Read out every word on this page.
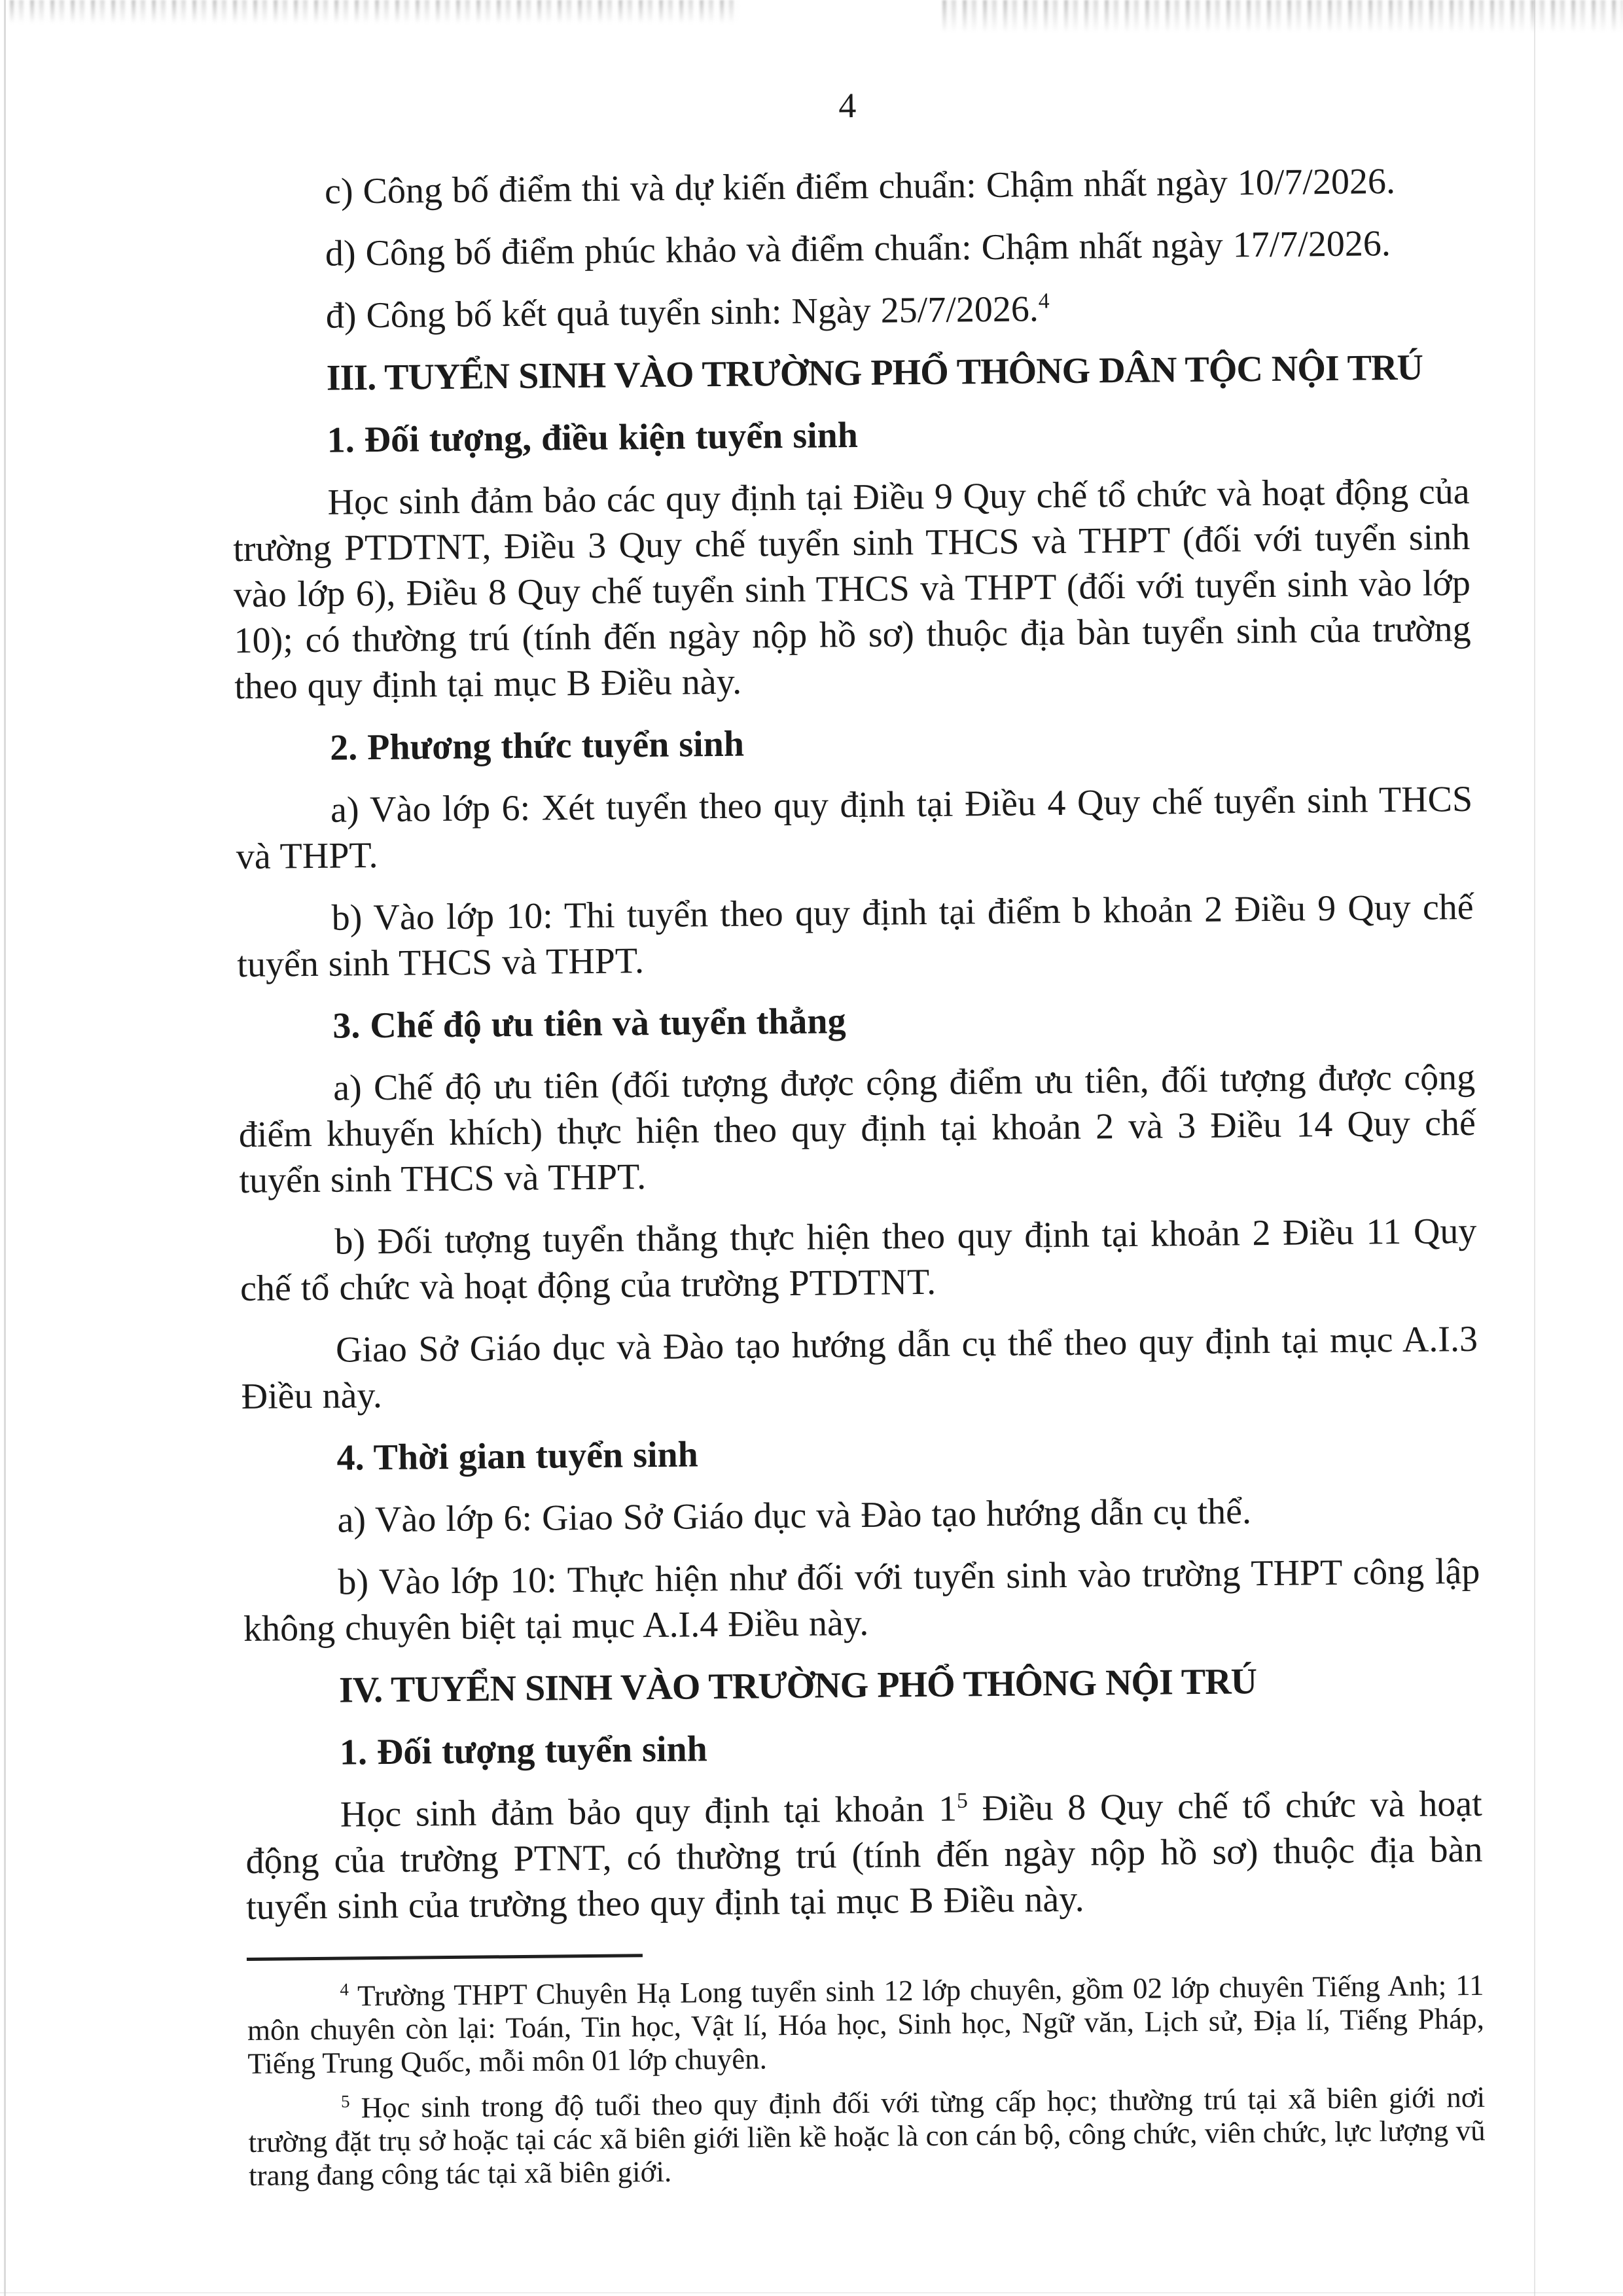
4

c) Công bố điểm thi và dự kiến điểm chuẩn: Chậm nhất ngày 10/7/2026.

d) Công bố điểm phúc khảo và điểm chuẩn: Chậm nhất ngày 17/7/2026.

đ) Công bố kết quả tuyển sinh: Ngày 25/7/2026.$^4$

III. TUYỂN SINH VÀO TRƯỜNG PHỔ THÔNG DÂN TỘC NỘI TRÚ

1. Đối tượng, điều kiện tuyển sinh

Học sinh đảm bảo các quy định tại Điều 9 Quy chế tổ chức và hoạt động của trường PTDTNT, Điều 3 Quy chế tuyển sinh THCS và THPT (đối với tuyển sinh vào lớp 6), Điều 8 Quy chế tuyển sinh THCS và THPT (đối với tuyển sinh vào lớp 10); có thường trú (tính đến ngày nộp hồ sơ) thuộc địa bàn tuyển sinh của trường theo quy định tại mục B Điều này.

2. Phương thức tuyển sinh

a) Vào lớp 6: Xét tuyển theo quy định tại Điều 4 Quy chế tuyển sinh THCS và THPT.

b) Vào lớp 10: Thi tuyển theo quy định tại điểm b khoản 2 Điều 9 Quy chế tuyển sinh THCS và THPT.

3. Chế độ ưu tiên và tuyển thẳng

a) Chế độ ưu tiên (đối tượng được cộng điểm ưu tiên, đối tượng được cộng điểm khuyến khích) thực hiện theo quy định tại khoản 2 và 3 Điều 14 Quy chế tuyển sinh THCS và THPT.

b) Đối tượng tuyển thẳng thực hiện theo quy định tại khoản 2 Điều 11 Quy chế tổ chức và hoạt động của trường PTDTNT.

Giao Sở Giáo dục và Đào tạo hướng dẫn cụ thể theo quy định tại mục A.I.3 Điều này.

4. Thời gian tuyển sinh

a) Vào lớp 6: Giao Sở Giáo dục và Đào tạo hướng dẫn cụ thể.

b) Vào lớp 10: Thực hiện như đối với tuyển sinh vào trường THPT công lập không chuyên biệt tại mục A.I.4 Điều này.

IV. TUYỂN SINH VÀO TRƯỜNG PHỔ THÔNG NỘI TRÚ

1. Đối tượng tuyển sinh

Học sinh đảm bảo quy định tại khoản 1$^5$ Điều 8 Quy chế tổ chức và hoạt động của trường PTNT, có thường trú (tính đến ngày nộp hồ sơ) thuộc địa bàn tuyển sinh của trường theo quy định tại mục B Điều này.

$^4$ Trường THPT Chuyên Hạ Long tuyển sinh 12 lớp chuyên, gồm 02 lớp chuyên Tiếng Anh; 11 môn chuyên còn lại: Toán, Tin học, Vật lí, Hóa học, Sinh học, Ngữ văn, Lịch sử, Địa lí, Tiếng Pháp, Tiếng Trung Quốc, mỗi môn 01 lớp chuyên.

$^5$ Học sinh trong độ tuổi theo quy định đối với từng cấp học; thường trú tại xã biên giới nơi trường đặt trụ sở hoặc tại các xã biên giới liền kề hoặc là con cán bộ, công chức, viên chức, lực lượng vũ trang đang công tác tại xã biên giới.
